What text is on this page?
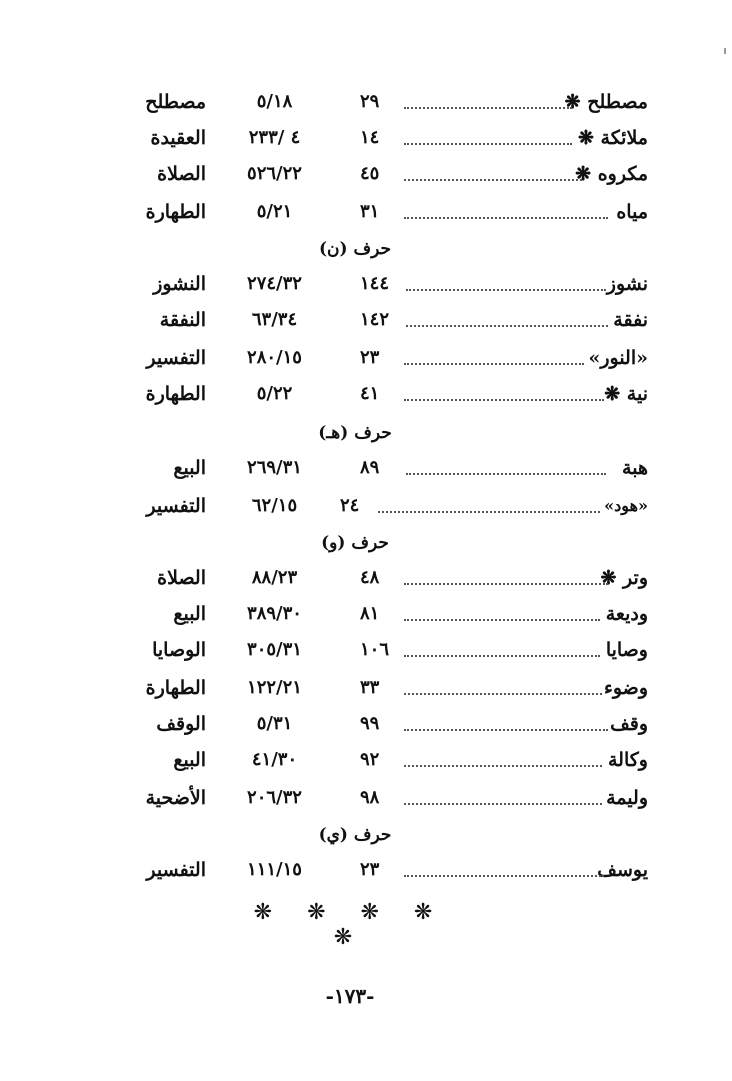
مصطلح ❋
٢٩
٥/١٨
مصطلح
ملائكة ❋
١٤
٤ /٢٣٣
العقيدة
مكروه ❋
٤٥
٥٢٦/٢٢
الصلاة
مياه
٣١
٥/٢١
الطهارة
حرف (ن)
نشوز
١٤٤
٢٧٤/٣٢
النشوز
نفقة
١٤٢
٦٣/٣٤
النفقة
«النور»
٢٣
٢٨٠/١٥
التفسير
نية ❋
٤١
٥/٢٢
الطهارة
حرف (هـ)
هبة
٨٩
٢٦٩/٣١
البيع
«هود»
٢٤
٦٢/١٥
التفسير
حرف (و)
وتر ❋
٤٨
٨٨/٢٣
الصلاة
وديعة
٨١
٣٨٩/٣٠
البيع
وصايا
١٠٦
٣٠٥/٣١
الوصايا
وضوء
٣٣
١٢٢/٢١
الطهارة
وقف
٩٩
٥/٣١
الوقف
وكالة
٩٢
٤١/٣٠
البيع
وليمة
٩٨
٢٠٦/٣٢
الأضحية
حرف (ي)
يوسف
٢٣
١١١/١٥
التفسير
❋ ❋ ❋ ❋ ❋
-١٧٣-
